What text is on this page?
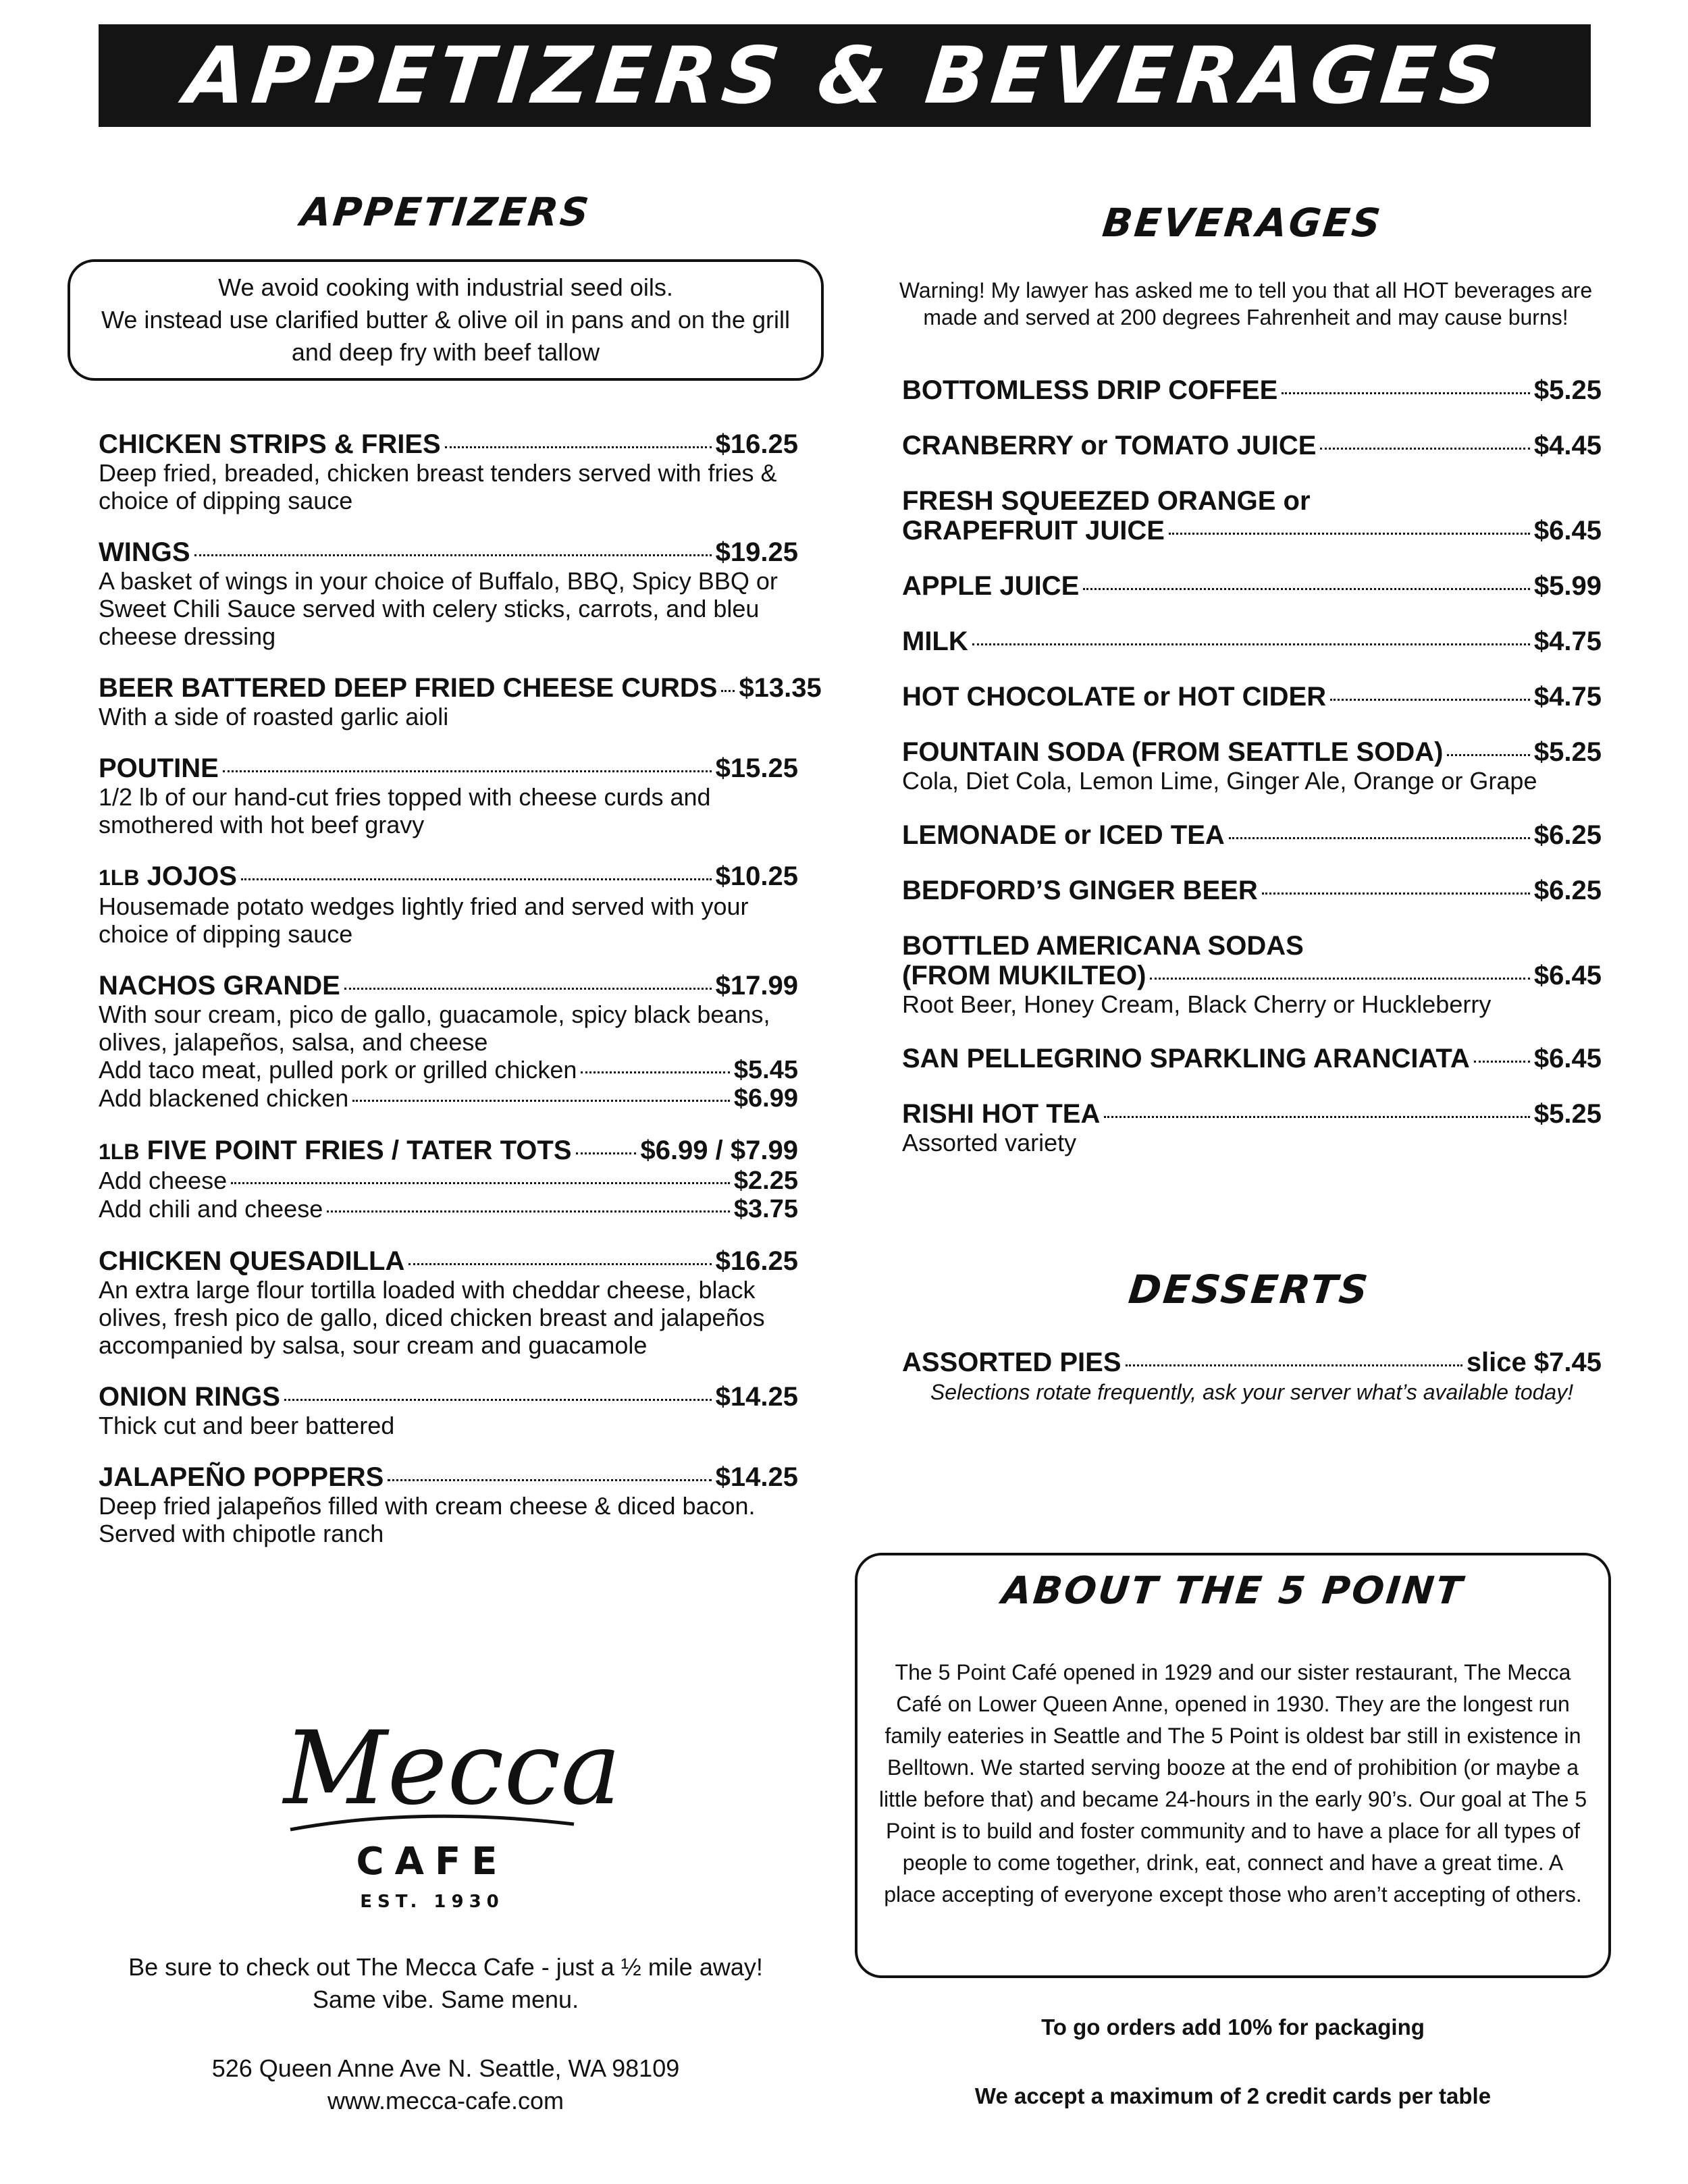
APPETIZERS & BEVERAGES
APPETIZERS
We avoid cooking with industrial seed oils.
We instead use clarified butter & olive oil in pans and on the grill
and deep fry with beef tallow
CHICKEN STRIPS & FRIES	$16.25
Deep fried, breaded, chicken breast tenders served with fries & choice of dipping sauce
WINGS	$19.25
A basket of wings in your choice of Buffalo, BBQ, Spicy BBQ or Sweet Chili Sauce served with celery sticks, carrots, and bleu cheese dressing
BEER BATTERED DEEP FRIED CHEESE CURDS $13.35
With a side of roasted garlic aioli
POUTINE	$15.25
1/2 lb of our hand-cut fries topped with cheese curds and smothered with hot beef gravy
1LB JOJOS	$10.25
Housemade potato wedges lightly fried and served with your choice of dipping sauce
NACHOS GRANDE	$17.99
With sour cream, pico de gallo, guacamole, spicy black beans, olives, jalapeños, salsa, and cheese
Add taco meat, pulled pork or grilled chicken	$5.45
Add blackened chicken	$6.99
1LB FIVE POINT FRIES / TATER TOTS	$6.99 / $7.99
Add cheese	$2.25
Add chili and cheese	$3.75
CHICKEN QUESADILLA	$16.25
An extra large flour tortilla loaded with cheddar cheese, black olives, fresh pico de gallo, diced chicken breast and jalapeños accompanied by salsa, sour cream and guacamole
ONION RINGS	$14.25
Thick cut and beer battered
JALAPEÑO POPPERS	$14.25
Deep fried jalapeños filled with cream cheese & diced bacon. Served with chipotle ranch
BEVERAGES
Warning! My lawyer has asked me to tell you that all HOT beverages are made and served at 200 degrees Fahrenheit and may cause burns!
BOTTOMLESS DRIP COFFEE	$5.25
CRANBERRY or TOMATO JUICE	$4.45
FRESH SQUEEZED ORANGE or
GRAPEFRUIT JUICE	$6.45
APPLE JUICE	$5.99
MILK	$4.75
HOT CHOCOLATE or HOT CIDER	$4.75
FOUNTAIN SODA (FROM SEATTLE SODA)	$5.25
Cola, Diet Cola, Lemon Lime, Ginger Ale, Orange or Grape
LEMONADE or ICED TEA	$6.25
BEDFORD’S GINGER BEER	$6.25
BOTTLED AMERICANA SODAS
(FROM MUKILTEO)	$6.45
Root Beer, Honey Cream, Black Cherry or Huckleberry
SAN PELLEGRINO SPARKLING ARANCIATA $6.45
RISHI HOT TEA	$5.25
Assorted variety
DESSERTS
ASSORTED PIES	slice $7.45
Selections rotate frequently, ask your server what’s available today!
ABOUT THE 5 POINT
The 5 Point Café opened in 1929 and our sister restaurant, The Mecca Café on Lower Queen Anne, opened in 1930. They are the longest run family eateries in Seattle and The 5 Point is oldest bar still in existence in Belltown. We started serving booze at the end of prohibition (or maybe a little before that) and became 24-hours in the early 90’s. Our goal at The 5 Point is to build and foster community and to have a place for all types of people to come together, drink, eat, connect and have a great time. A place accepting of everyone except those who aren’t accepting of others.
To go orders add 10% for packaging
We accept a maximum of 2 credit cards per table
Mecca
CAFE
EST. 1930
Be sure to check out The Mecca Cafe - just a ½ mile away!
Same vibe. Same menu.
526 Queen Anne Ave N. Seattle, WA 98109
www.mecca-cafe.com
